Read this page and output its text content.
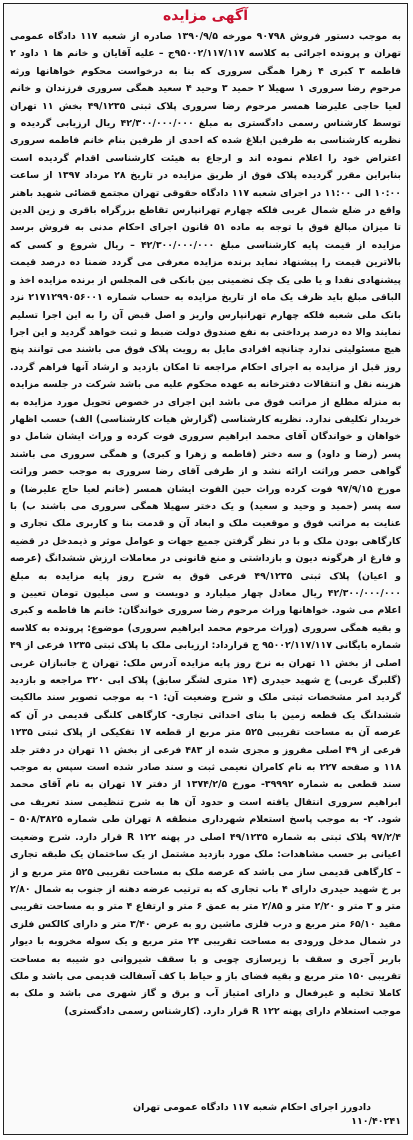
آگهی مزایده

به موجب دستور فروش ۹۰۷۹۸ مورخه ۱۳۹۰/۹/۵ صادره از شعبه ۱۱۷ دادگاه عمومی تهران و پرونده اجرائی به کلاسه ۹۵۰۰۲/۱۱۷/۱۱۷ج – علیه آقایان و خانم ها ۱ داود ۲ فاطمه ۳ کبری ۴ زهرا همگی سروری که بنا به درخواست محکوم خواهانها ورثه مرحوم رضا سروری ۱ سهیلا ۲ حمید ۳ وحید ۴ سعید همگی سروری فرزندان و خانم لعیا حاجی علیرضا همسر مرحوم رضا سروری پلاک ثبتی ۴۹/۱۲۳۵ بخش ۱۱ تهران توسط کارشناس رسمی دادگستری به مبلغ ۴۲/۳۰۰/۰۰۰/۰۰۰ ریال ارزیابی گردیده و نظریه کارشناسی به طرفین ابلاغ شده که احدی از طرفین بنام خانم فاطمه سروری اعتراض خود را اعلام نموده اند و ارجاع به هیئت کارشناسی اقدام گردیده است بنابراین مقرر گردیده پلاک فوق از طریق مزایده در تاریخ ۲۸ مرداد ۱۳۹۷ از ساعت ۱۰:۰۰ الی ۱۱:۰۰ در اجرای شعبه ۱۱۷ دادگاه حقوقی تهران مجتمع قضائی شهید باهنر واقع در ضلع شمال غربی فلکه چهارم تهرانپارس تقاطع بزرگراه باقری و زین الدین تا میزان مبالغ فوق با توجه به ماده ۵۱ قانون اجرای احکام مدنی به فروش برسد مزایده از قیمت پایه کارشناسی مبلغ ۴۲/۳۰۰/۰۰۰/۰۰۰ – ریال شروع و کسی که بالاترین قیمت را پیشنهاد نماید برنده مزایده معرفی می گردد ضمنا ده درصد قیمت پیشنهادی نقدا و یا طی یک چک تضمینی بین بانکی فی المجلس از برنده مزایده اخذ و الباقی مبلغ باید ظرف یک ماه از تاریخ مزایده به حساب شماره ۲۱۷۱۲۹۹۰۵۶۰۰۱ نزد بانک ملی شعبه فلکه چهارم تهرانپارس واریز و اصل قبض آن را به این اجرا تسلیم نمایند والا ده درصد پرداختی به نفع صندوق دولت ضبط و ثبت خواهد گردید و این اجرا هیچ مسئولیتی ندارد چنانچه افرادی مایل به رویت پلاک فوق می باشند می توانند پنج روز قبل از مزایده به اجرای احکام مراجعه تا امکان بازدید و ارشاد آنها فراهم گردد. هزینه نقل و انتقالات دفترخانه به عهده محکوم علیه می باشد شرکت در جلسه مزایده به منزله مطلع از مراتب فوق می باشد این اجرای در خصوص تحویل مورد مزایده به خریدار تکلیفی ندارد. نظریه کارشناسی (گزارش هیات کارشناسی) الف) حسب اظهار خواهان و خواندگان آقای محمد ابراهیم سروری فوت کرده و وراث ایشان شامل دو پسر (رضا و داود) و سه دختر (فاطمه و زهرا و کبری) و همگی سروری می باشند گواهی حصر وراثت ارائه نشد و از طرفی آقای رضا سروری به موجب حصر وراثت مورخ ۹۷/۹/۱۵ فوت کرده وراث حین الفوت ایشان همسر (خانم لعیا حاج علیرضا) و سه پسر (حمید و وحید و سعید) و یک دختر سهیلا همگی سروری می باشند ب) با عنایت به مراتب فوق و موقعیت ملک و ابعاد آن و قدمت بنا و کاربری ملک تجاری و کارگاهی بودن ملک و با در نظر گرفتن جمیع جهات و عوامل موثر و ذیمدخل در قضیه و فارغ از هرگونه دیون و بازداشتی و منع قانونی در معاملات ارزش ششدانگ (عرصه و اعیان) پلاک ثبتی ۴۹/۱۲۳۵ فرعی فوق به شرح روز پایه مزایده به مبلغ ۴۲/۳۰۰/۰۰۰/۰۰۰ ریال معادل چهار میلیارد و دویست و سی میلیون تومان تعیین و اعلام می شود. خواهانها وراث مرحوم رضا سروری خواندگان: خانم ها فاطمه و کبری و بقیه همگی سروری (وراث مرحوم محمد ابراهیم سروری) موضوع: پرونده به کلاسه شماره بایگانی ۹۵۰۰۲/۱۱۷/۱۱۷ ج قرارداد: ارزیابی ملک با پلاک ثبتی ۱۲۳۵ فرعی از ۴۹ اصلی از بخش ۱۱ تهران به نرخ روز پایه مزایده آدرس ملک: تهران خ جانبازان غربی (گلبرگ غربی) خ شهید حیدری (۱۴ متری لشگر سابق) پلاک ابی ۳۲۰ مراجعه و بازدید گردید امر مشخصات ثبتی ملک و شرح وضعیت آن: ۱- به موجب تصویر سند مالکیت ششدانگ یک قطعه زمین با بنای احداثی تجاری- کارگاهی کلنگی قدیمی در آن که عرصه آن به مساحت تقریبی ۵۲۵ متر مربع از قطعه ۱۷ تفکیکی از پلاک ثبتی ۱۲۳۵ فرعی از ۴۹ اصلی مفروز و مجزی شده از ۴۸۳ فرعی از بخش ۱۱ تهران در دفتر جلد ۱۱۸ و صفحه ۲۲۷ به نام کامران نعیمی ثبت و سند صادر شده است سپس به موجب سند قطعی به شماره ۳۹۹۹۲- مورخ ۱۳۷۴/۲/۵ از دفتر ۱۷ تهران به نام آقای محمد ابراهیم سروری انتقال یافته است و حدود آن ها به شرح تنظیمی سند تعریف می شود. ۲- به موجب پاسخ استعلام شهرداری منطقه ۸ تهران طی شماره ۵۰۸/۳۸۲۵ – ۹۷/۲/۴ پلاک ثبتی به شماره ۴۹/۱۲۳۵ اصلی در پهنه ۱۲۲ R قرار دارد. شرح وضعیت اعیانی بر حسب مشاهدات: ملک مورد بازدید مشتمل از یک ساختمان یک طبقه تجاری – کارگاهی قدیمی ساز می باشد که عرصه ملک به مساحت تقریبی ۵۲۵ متر مربع و از بر خ شهید حیدری دارای ۴ باب تجاری که به ترتیب عرضه دهنه از جنوب به شمال ۲/۸۰ متر و ۳ متر و ۲/۲۰ متر و ۲/۸۵ متر به عمق ۶ متر و ارتفاع ۴ متر و به مساحت تقریبی مفید ۶۵/۱۰ متر مربع و درب فلزی ماشین رو به عرض ۳/۴۰ متر و دارای کالکس فلزی در شمال مدخل ورودی به مساحت تقریبی ۲۴ متر مربع و یک سوله مخروبه با دیوار باربر آجری و سقف با زیرسازی چوبی و با سقف شیروانی دو شیبه به مساحت تقریبی ۱۵۰ متر مربع و بقیه فضای باز و حیاط با کف آسفالت قدیمی می باشد و ملک کاملا تخلیه و غیرفعال و دارای امتیاز آب و برق و گاز شهری می باشد و ملک به موجب استعلام دارای پهنه ۱۲۲ R قرار دارد. (کارشناس رسمی دادگستری)

دادورز اجرای احکام شعبه ۱۱۷ دادگاه عمومی تهران
۱۱۰/۴۰۲۴۱
